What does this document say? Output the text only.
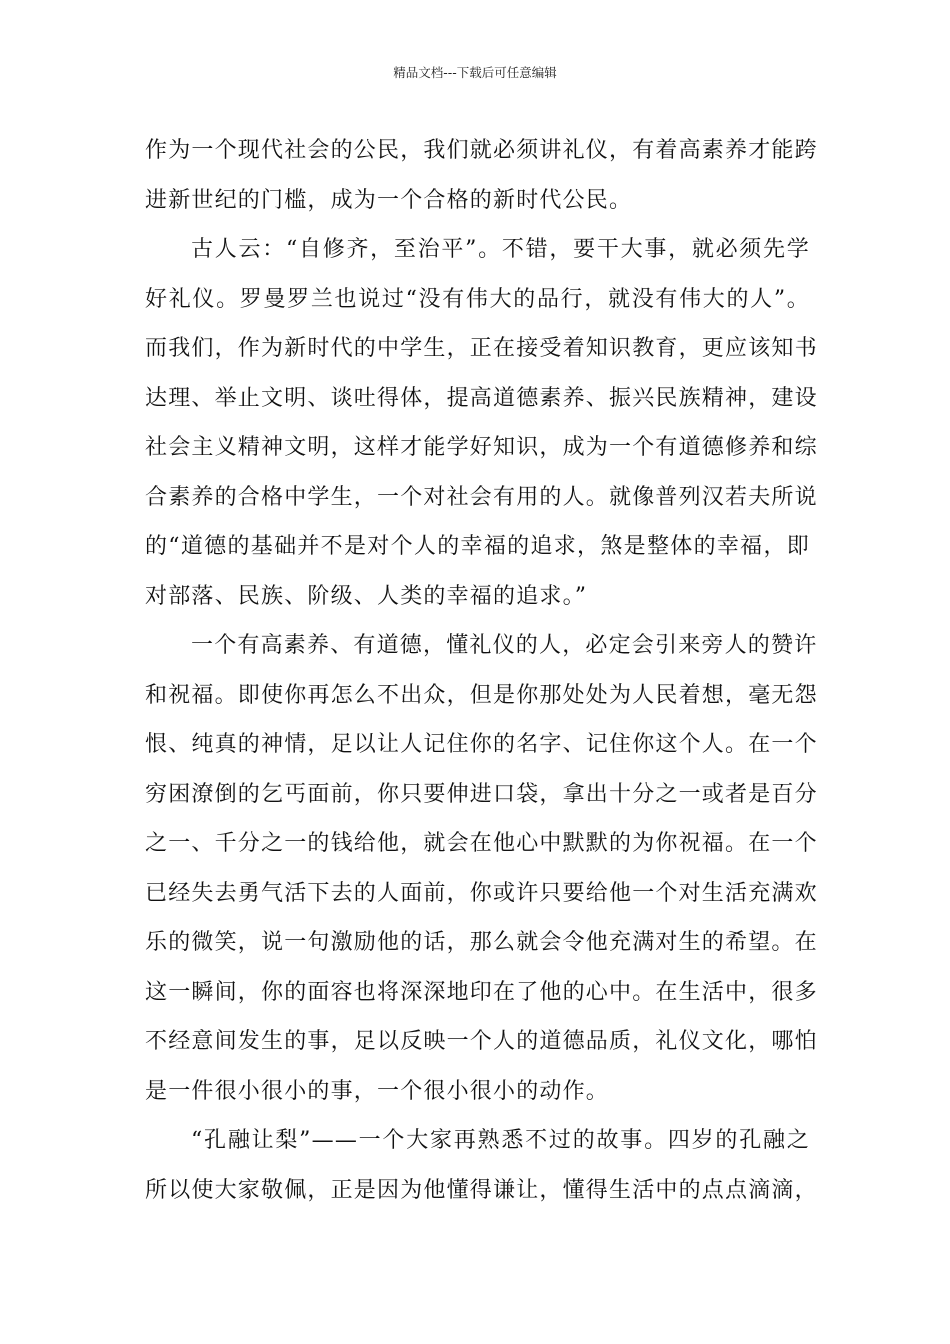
精品文档---下载后可任意编辑
作为一个现代社会的公民，我们就必须讲礼仪，有着高素养才能跨
进新世纪的门槛，成为一个合格的新时代公民。
古人云：“自修齐，至治平”。不错，要干大事，就必须先学
好礼仪。罗曼罗兰也说过“没有伟大的品行，就没有伟大的人”。
而我们，作为新时代的中学生，正在接受着知识教育，更应该知书
达理、举止文明、谈吐得体，提高道德素养、振兴民族精神，建设
社会主义精神文明，这样才能学好知识，成为一个有道德修养和综
合素养的合格中学生，一个对社会有用的人。就像普列汉若夫所说
的“道德的基础并不是对个人的幸福的追求，煞是整体的幸福，即
对部落、民族、阶级、人类的幸福的追求。”
一个有高素养、有道德，懂礼仪的人，必定会引来旁人的赞许
和祝福。即使你再怎么不出众，但是你那处处为人民着想，毫无怨
恨、纯真的神情，足以让人记住你的名字、记住你这个人。在一个
穷困潦倒的乞丐面前，你只要伸进口袋，拿出十分之一或者是百分
之一、千分之一的钱给他，就会在他心中默默的为你祝福。在一个
已经失去勇气活下去的人面前，你或许只要给他一个对生活充满欢
乐的微笑，说一句激励他的话，那么就会令他充满对生的希望。在
这一瞬间，你的面容也将深深地印在了他的心中。在生活中，很多
不经意间发生的事，足以反映一个人的道德品质，礼仪文化，哪怕
是一件很小很小的事，一个很小很小的动作。
“孔融让梨”——一个大家再熟悉不过的故事。四岁的孔融之
所以使大家敬佩，正是因为他懂得谦让，懂得生活中的点点滴滴，
